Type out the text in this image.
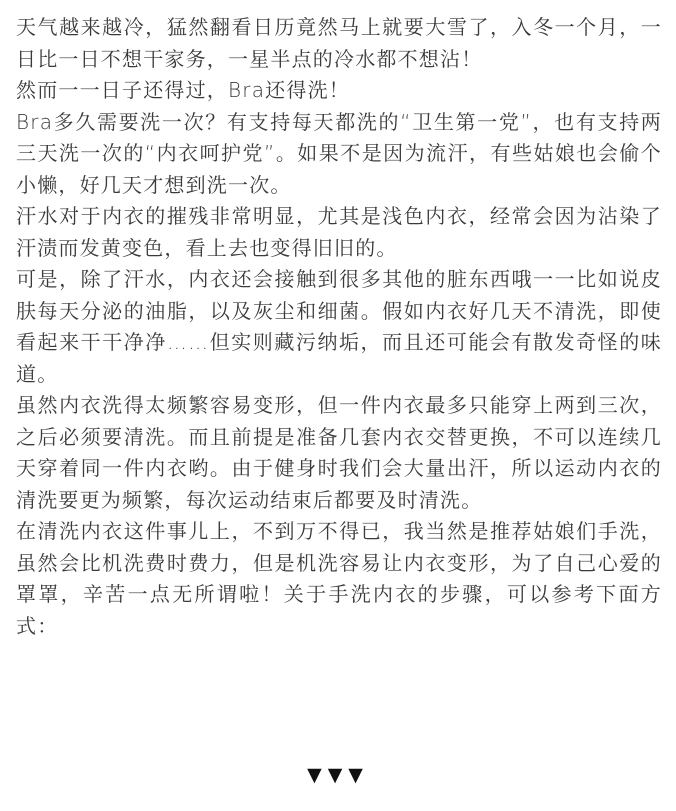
天气越来越冷，猛然翻看日历竟然马上就要大雪了，入冬一个月，一日比一日不想干家务，一星半点的冷水都不想沾！

然而一一日子还得过，Bra还得洗！

Bra多久需要洗一次？有支持每天都洗的“卫生第一党”，也有支持两三天洗一次的“内衣呵护党”。如果不是因为流汗，有些姑娘也会偷个小懒，好几天才想到洗一次。

汗水对于内衣的摧残非常明显，尤其是浅色内衣，经常会因为沾染了汗渍而发黄变色，看上去也变得旧旧的。

可是，除了汗水，内衣还会接触到很多其他的脏东西哦一一比如说皮肤每天分泌的油脂，以及灰尘和细菌。假如内衣好几天不清洗，即使看起来干干净净……但实则藏污纳垢，而且还可能会有散发奇怪的味道。

虽然内衣洗得太频繁容易变形，但一件内衣最多只能穿上两到三次，之后必须要清洗。而且前提是准备几套内衣交替更换，不可以连续几天穿着同一件内衣哟。由于健身时我们会大量出汗，所以运动内衣的清洗要更为频繁，每次运动结束后都要及时清洗。

在清洗内衣这件事儿上，不到万不得已，我当然是推荐姑娘们手洗，虽然会比机洗费时费力，但是机洗容易让内衣变形，为了自己心爱的罩罩，辛苦一点无所谓啦！关于手洗内衣的步骤，可以参考下面方式：

▼▼▼
